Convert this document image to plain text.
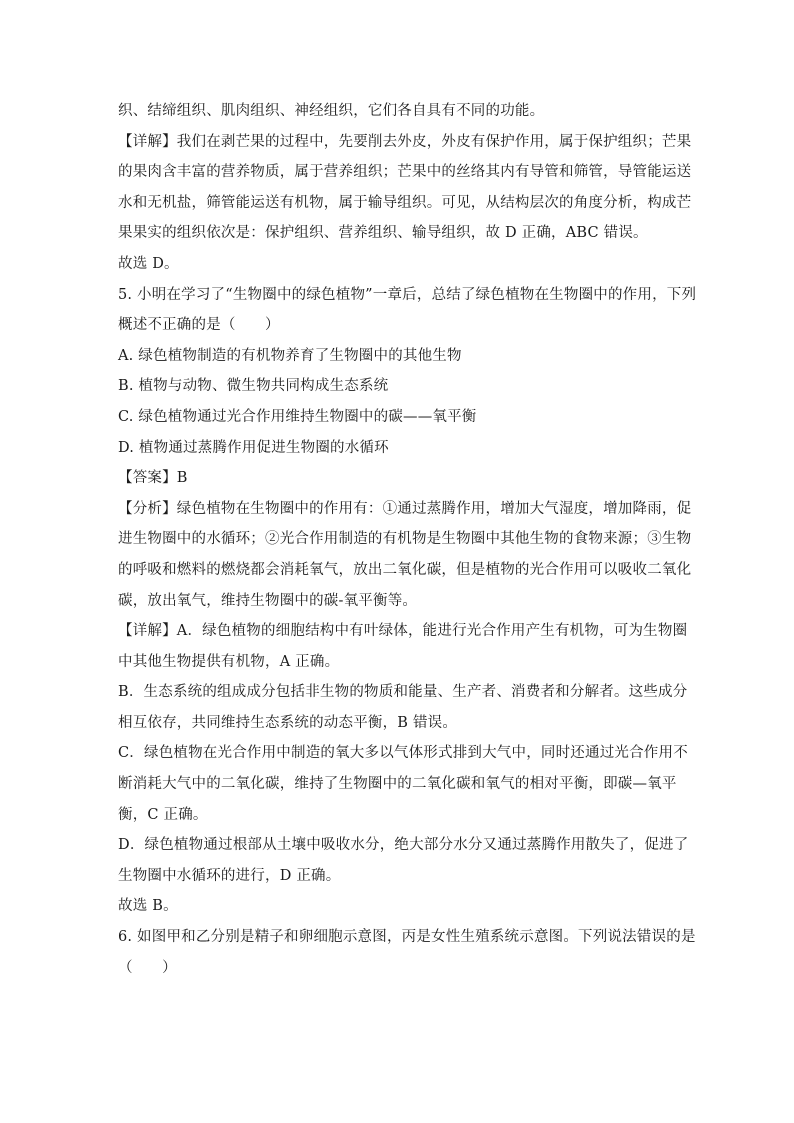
织、结缔组织、肌肉组织、神经组织，它们各自具有不同的功能。
【详解】我们在剥芒果的过程中，先要削去外皮，外皮有保护作用，属于保护组织；芒果
的果肉含丰富的营养物质，属于营养组织；芒果中的丝络其内有导管和筛管，导管能运送
水和无机盐，筛管能运送有机物，属于输导组织。可见，从结构层次的角度分析，构成芒
果果实的组织依次是：保护组织、营养组织、输导组织，故 D 正确，ABC 错误。
故选 D。
5. 小明在学习了“生物圈中的绿色植物”一章后，总结了绿色植物在生物圈中的作用，下列
概述不正确的是（　　）
A. 绿色植物制造的有机物养育了生物圈中的其他生物
B. 植物与动物、微生物共同构成生态系统
C. 绿色植物通过光合作用维持生物圈中的碳——氧平衡
D. 植物通过蒸腾作用促进生物圈的水循环
【答案】B
【分析】绿色植物在生物圈中的作用有：①通过蒸腾作用，增加大气湿度，增加降雨，促
进生物圈中的水循环；②光合作用制造的有机物是生物圈中其他生物的食物来源；③生物
的呼吸和燃料的燃烧都会消耗氧气，放出二氧化碳，但是植物的光合作用可以吸收二氧化
碳，放出氧气，维持生物圈中的碳-氧平衡等。
【详解】A．绿色植物的细胞结构中有叶绿体，能进行光合作用产生有机物，可为生物圈
中其他生物提供有机物，A 正确。
B．生态系统的组成成分包括非生物的物质和能量、生产者、消费者和分解者。这些成分
相互依存，共同维持生态系统的动态平衡，B 错误。
C．绿色植物在光合作用中制造的氧大多以气体形式排到大气中，同时还通过光合作用不
断消耗大气中的二氧化碳，维持了生物圈中的二氧化碳和氧气的相对平衡，即碳—氧平
衡，C 正确。
D．绿色植物通过根部从土壤中吸收水分，绝大部分水分又通过蒸腾作用散失了，促进了
生物圈中水循环的进行，D 正确。
故选 B。
6. 如图甲和乙分别是精子和卵细胞示意图，丙是女性生殖系统示意图。下列说法错误的是
（　　）
